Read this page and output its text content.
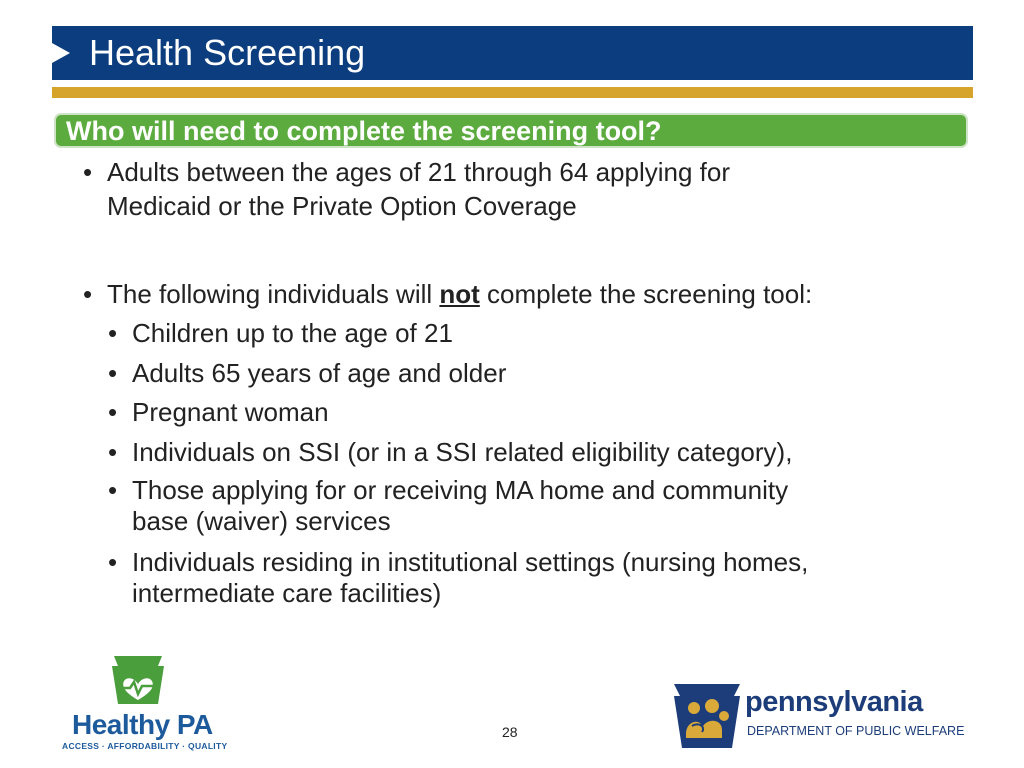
Health Screening
Who will need to complete the screening tool?
• Adults between the ages of 21 through 64 applying for
Medicaid or the Private Option Coverage
• The following individuals will not complete the screening tool:
• Children up to the age of 21
• Adults 65 years of age and older
• Pregnant woman
• Individuals on SSI (or in a SSI related eligibility category),
• Those applying for or receiving MA home and community
base (waiver) services
• Individuals residing in institutional settings (nursing homes,
intermediate care facilities)
Healthy PA
ACCESS · AFFORDABILITY · QUALITY
28
pennsylvania
DEPARTMENT OF PUBLIC WELFARE
